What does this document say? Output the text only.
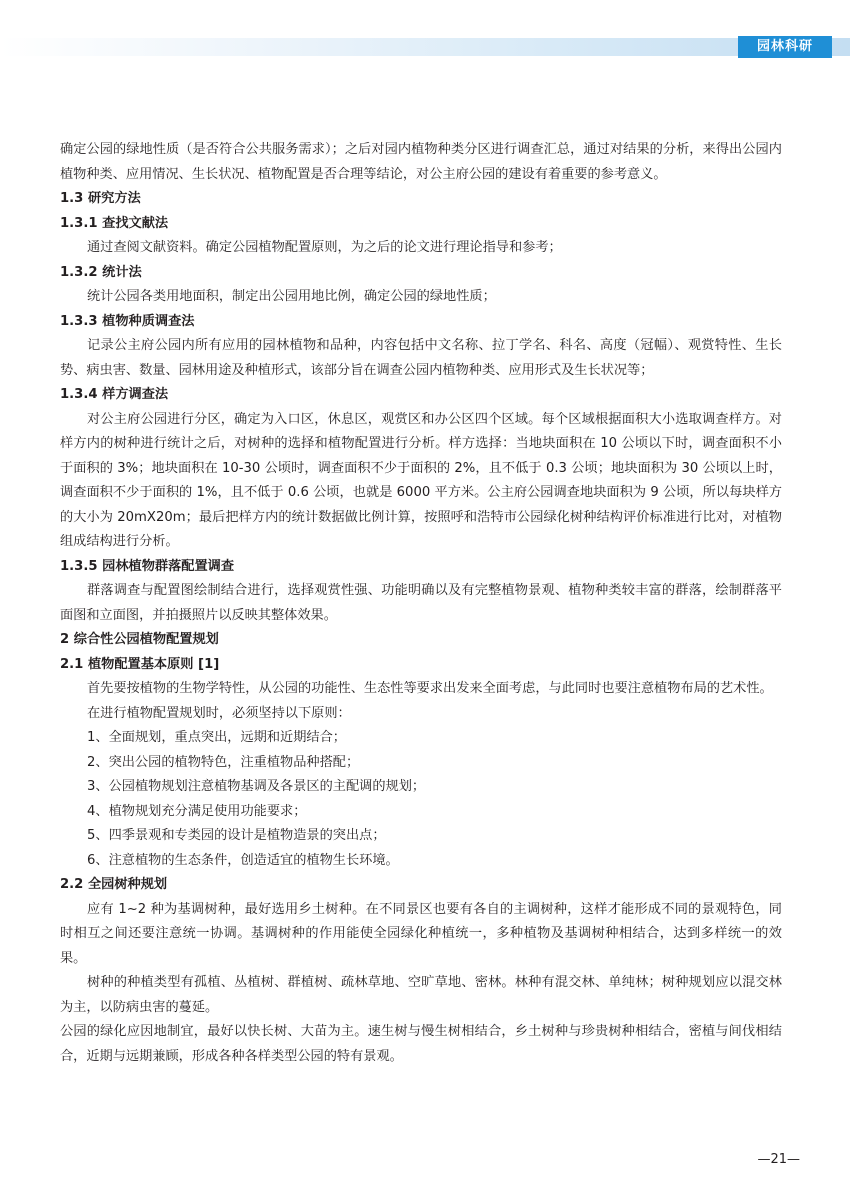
园林科研

确定公园的绿地性质（是否符合公共服务需求）；之后对园内植物种类分区进行调查汇总，通过对结果的分析，来得出公园内植物种类、应用情况、生长状况、植物配置是否合理等结论，对公主府公园的建设有着重要的参考意义。

1.3 研究方法

1.3.1 查找文献法

通过查阅文献资料。确定公园植物配置原则，为之后的论文进行理论指导和参考；

1.3.2 统计法

统计公园各类用地面积，制定出公园用地比例，确定公园的绿地性质；

1.3.3 植物种质调查法

记录公主府公园内所有应用的园林植物和品种，内容包括中文名称、拉丁学名、科名、高度（冠幅）、观赏特性、生长势、病虫害、数量、园林用途及种植形式，该部分旨在调查公园内植物种类、应用形式及生长状况等；

1.3.4 样方调查法

对公主府公园进行分区，确定为入口区，休息区，观赏区和办公区四个区域。每个区域根据面积大小选取调查样方。对样方内的树种进行统计之后，对树种的选择和植物配置进行分析。样方选择：当地块面积在 10 公顷以下时，调查面积不小于面积的 3%；地块面积在 10-30 公顷时，调查面积不少于面积的 2%，且不低于 0.3 公顷；地块面积为 30 公顷以上时，调查面积不少于面积的 1%，且不低于 0.6 公顷，也就是 6000 平方米。公主府公园调查地块面积为 9 公顷，所以每块样方的大小为 20mX20m；最后把样方内的统计数据做比例计算，按照呼和浩特市公园绿化树种结构评价标准进行比对，对植物组成结构进行分析。

1.3.5 园林植物群落配置调查

群落调查与配置图绘制结合进行，选择观赏性强、功能明确以及有完整植物景观、植物种类较丰富的群落，绘制群落平面图和立面图，并拍摄照片以反映其整体效果。

2 综合性公园植物配置规划

2.1 植物配置基本原则 [1]

首先要按植物的生物学特性，从公园的功能性、生态性等要求出发来全面考虑，与此同时也要注意植物布局的艺术性。

在进行植物配置规划时，必须坚持以下原则：

1、全面规划，重点突出，远期和近期结合；

2、突出公园的植物特色，注重植物品种搭配；

3、公园植物规划注意植物基调及各景区的主配调的规划；

4、植物规划充分满足使用功能要求；

5、四季景观和专类园的设计是植物造景的突出点；

6、注意植物的生态条件，创造适宜的植物生长环境。

2.2 全园树种规划

应有 1~2 种为基调树种，最好选用乡土树种。在不同景区也要有各自的主调树种，这样才能形成不同的景观特色，同时相互之间还要注意统一协调。基调树种的作用能使全园绿化种植统一，多种植物及基调树种相结合，达到多样统一的效果。

树种的种植类型有孤植、丛植树、群植树、疏林草地、空旷草地、密林。林种有混交林、单纯林；树种规划应以混交林为主，以防病虫害的蔓延。

公园的绿化应因地制宜，最好以快长树、大苗为主。速生树与慢生树相结合，乡土树种与珍贵树种相结合，密植与间伐相结合，近期与远期兼顾，形成各种各样类型公园的特有景观。

—21—
